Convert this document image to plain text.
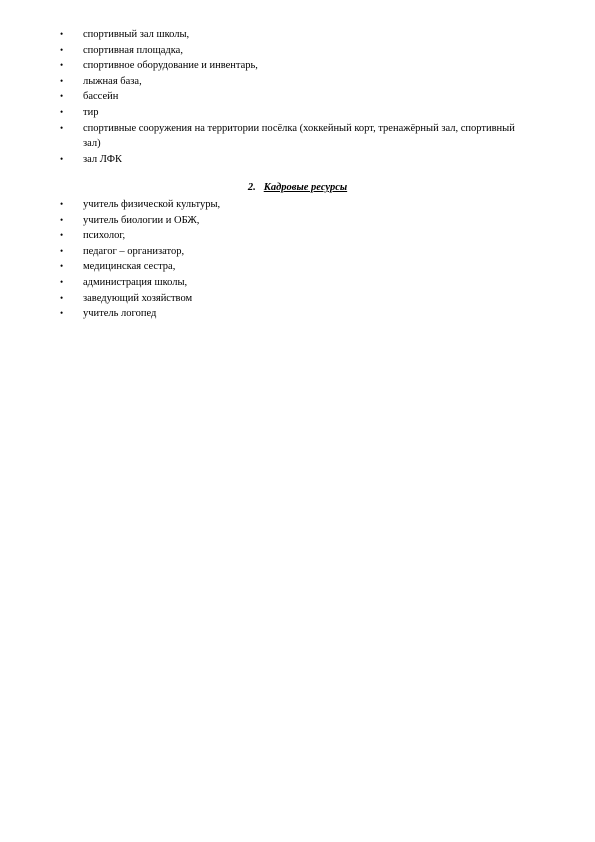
• спортивный зал школы,
• спортивная площадка,
• спортивное оборудование и инвентарь,
• лыжная база,
• бассейн
• тир
• спортивные сооружения на территории посёлка (хоккейный корт, тренажёрный зал, спортивный зал)
• зал ЛФК
2. Кадровые ресурсы
• учитель физической культуры,
• учитель биологии и ОБЖ,
• психолог,
• педагог – организатор,
• медицинская сестра,
• администрация школы,
• заведующий хозяйством
• учитель логопед
